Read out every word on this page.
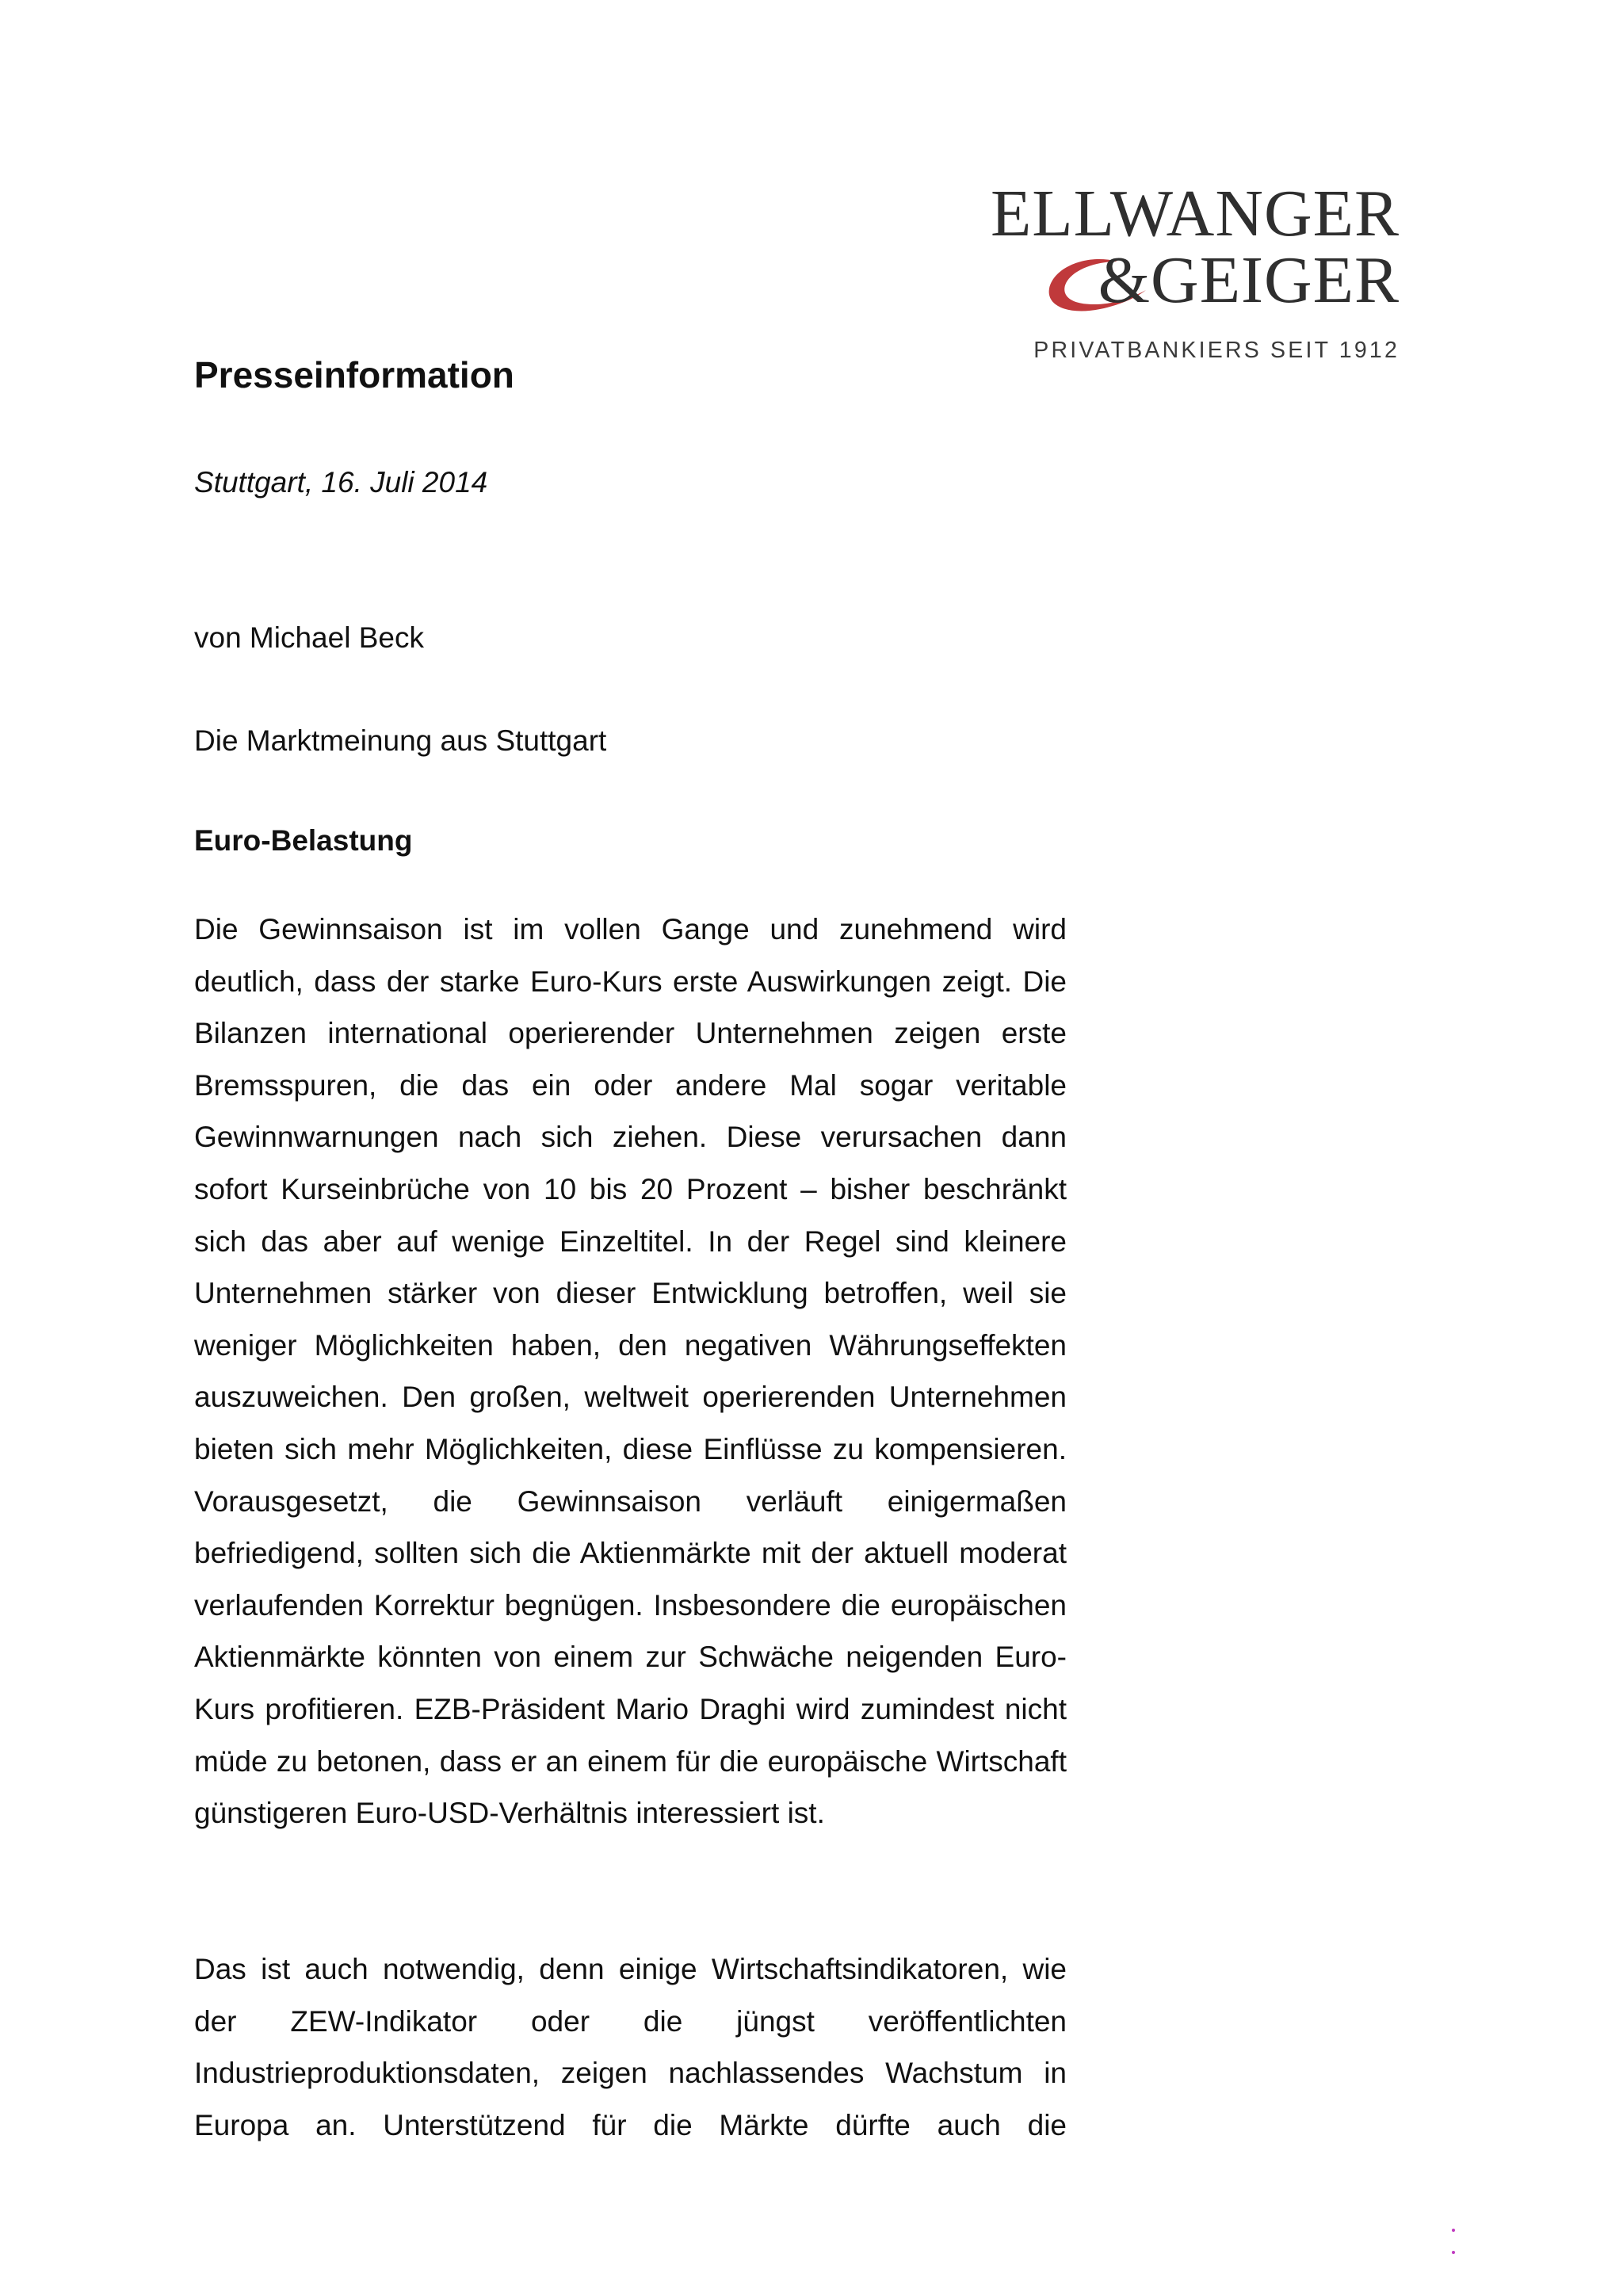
ELLWANGER
&GEIGER
PRIVATBANKIERS SEIT 1912
Presseinformation

Stuttgart, 16. Juli 2014

von Michael Beck

Die Marktmeinung aus Stuttgart

Euro-Belastung

Die Gewinnsaison ist im vollen Gange und zunehmend wird deutlich, dass der starke Euro-Kurs erste Auswirkungen zeigt. Die Bilanzen international operierender Unternehmen zeigen erste Bremsspuren, die das ein oder andere Mal sogar veritable Gewinnwarnungen nach sich ziehen. Diese verursachen dann sofort Kurseinbrüche von 10 bis 20 Prozent – bisher beschränkt sich das aber auf wenige Einzeltitel. In der Regel sind kleinere Unternehmen stärker von dieser Entwicklung betroffen, weil sie weniger Möglichkeiten haben, den negativen Währungseffekten auszuweichen. Den großen, weltweit operierenden Unternehmen bieten sich mehr Möglichkeiten, diese Einflüsse zu kompensieren. Vorausgesetzt, die Gewinnsaison verläuft einigermaßen befriedigend, sollten sich die Aktienmärkte mit der aktuell moderat verlaufenden Korrektur begnügen. Insbesondere die europäischen Aktienmärkte könnten von einem zur Schwäche neigenden Euro-Kurs profitieren. EZB-Präsident Mario Draghi wird zumindest nicht müde zu betonen, dass er an einem für die europäische Wirtschaft günstigeren Euro-USD-Verhältnis interessiert ist.

Das ist auch notwendig, denn einige Wirtschaftsindikatoren, wie der ZEW-Indikator oder die jüngst veröffentlichten Industrieproduktionsdaten, zeigen nachlassendes Wachstum in Europa an. Unterstützend für die Märkte dürfte auch die
